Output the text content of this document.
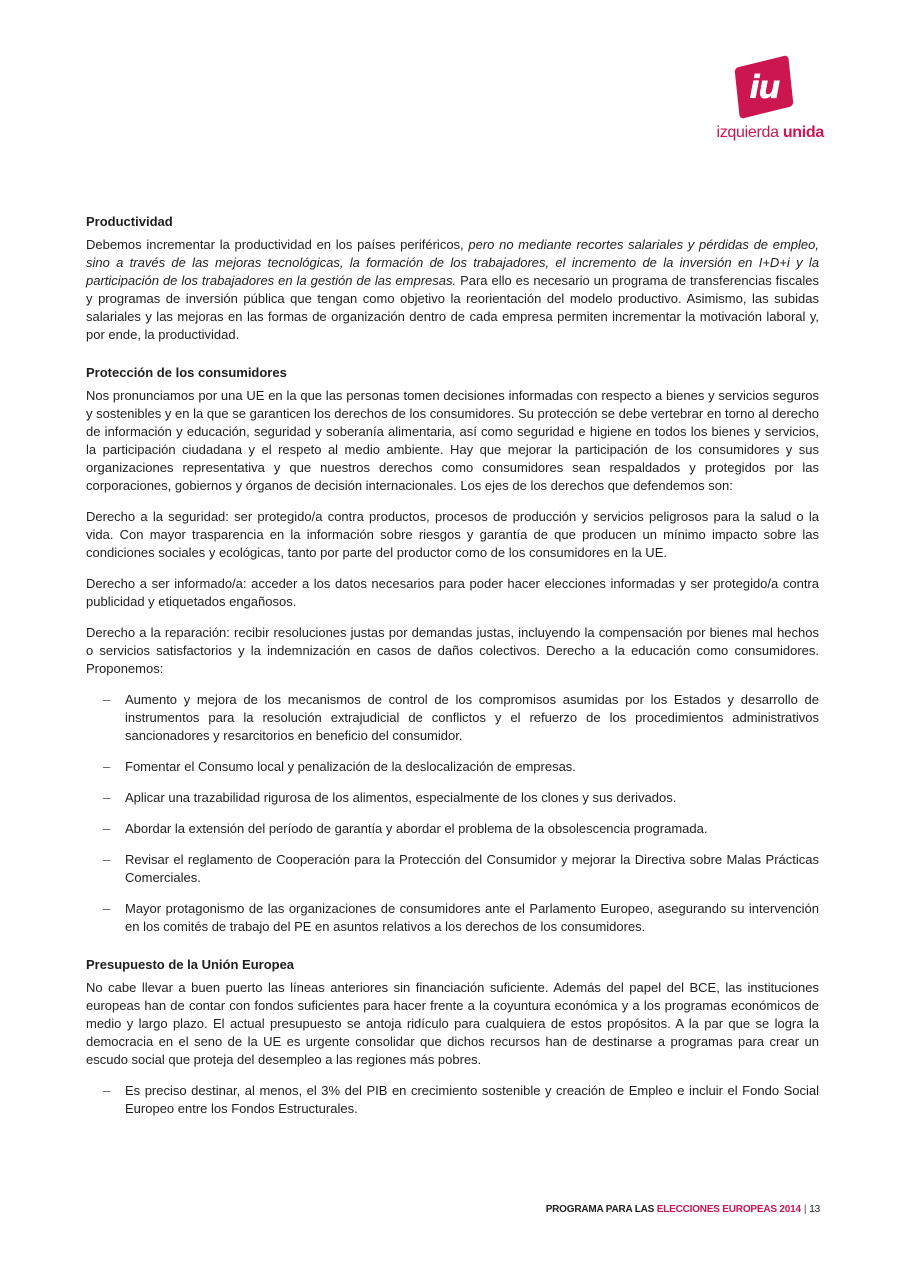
iu
izquierda unida
Productividad

Debemos incrementar la productividad en los países periféricos, pero no mediante recortes salariales y pérdidas de empleo, sino a través de las mejoras tecnológicas, la formación de los trabajadores, el incremento de la inversión en I+D+i y la participación de los trabajadores en la gestión de las empresas. Para ello es necesario un programa de transferencias fiscales y programas de inversión pública que tengan como objetivo la reorientación del modelo productivo. Asimismo, las subidas salariales y las mejoras en las formas de organización dentro de cada empresa permiten incrementar la motivación laboral y, por ende, la productividad.

Protección de los consumidores

Nos pronunciamos por una UE en la que las personas tomen decisiones informadas con respecto a bienes y servicios seguros y sostenibles y en la que se garanticen los derechos de los consumidores. Su protección se debe vertebrar en torno al derecho de información y educación, seguridad y soberanía alimentaria, así como seguridad e higiene en todos los bienes y servicios, la participación ciudadana y el respeto al medio ambiente. Hay que mejorar la participación de los consumidores y sus organizaciones representativa y que nuestros derechos como consumidores sean respaldados y protegidos por las corporaciones, gobiernos y órganos de decisión internacionales. Los ejes de los derechos que defendemos son:

Derecho a la seguridad: ser protegido/a contra productos, procesos de producción y servicios peligrosos para la salud o la vida. Con mayor trasparencia en la información sobre riesgos y garantía de que producen un mínimo impacto sobre las condiciones sociales y ecológicas, tanto por parte del productor como de los consumidores en la UE.

Derecho a ser informado/a: acceder a los datos necesarios para poder hacer elecciones informadas y ser protegido/a contra publicidad y etiquetados engañosos.

Derecho a la reparación: recibir resoluciones justas por demandas justas, incluyendo la compensación por bienes mal hechos o servicios satisfactorios y la indemnización en casos de daños colectivos. Derecho a la educación como consumidores. Proponemos:

– Aumento y mejora de los mecanismos de control de los compromisos asumidas por los Estados y desarrollo de instrumentos para la resolución extrajudicial de conflictos y el refuerzo de los procedimientos administrativos sancionadores y resarcitorios en beneficio del consumidor.
– Fomentar el Consumo local y penalización de la deslocalización de empresas.
– Aplicar una trazabilidad rigurosa de los alimentos, especialmente de los clones y sus derivados.
– Abordar la extensión del período de garantía y abordar el problema de la obsolescencia programada.
– Revisar el reglamento de Cooperación para la Protección del Consumidor y mejorar la Directiva sobre Malas Prácticas Comerciales.
– Mayor protagonismo de las organizaciones de consumidores ante el Parlamento Europeo, asegurando su intervención en los comités de trabajo del PE en asuntos relativos a los derechos de los consumidores.
Presupuesto de la Unión Europea

No cabe llevar a buen puerto las líneas anteriores sin financiación suficiente. Además del papel del BCE, las instituciones europeas han de contar con fondos suficientes para hacer frente a la coyuntura económica y a los programas económicos de medio y largo plazo. El actual presupuesto se antoja ridículo para cualquiera de estos propósitos. A la par que se logra la democracia en el seno de la UE es urgente consolidar que dichos recursos han de destinarse a programas para crear un escudo social que proteja del desempleo a las regiones más pobres.

– Es preciso destinar, al menos, el 3% del PIB en crecimiento sostenible y creación de Empleo e incluir el Fondo Social Europeo entre los Fondos Estructurales.
PROGRAMA PARA LAS ELECCIONES EUROPEAS 2014 | 13
